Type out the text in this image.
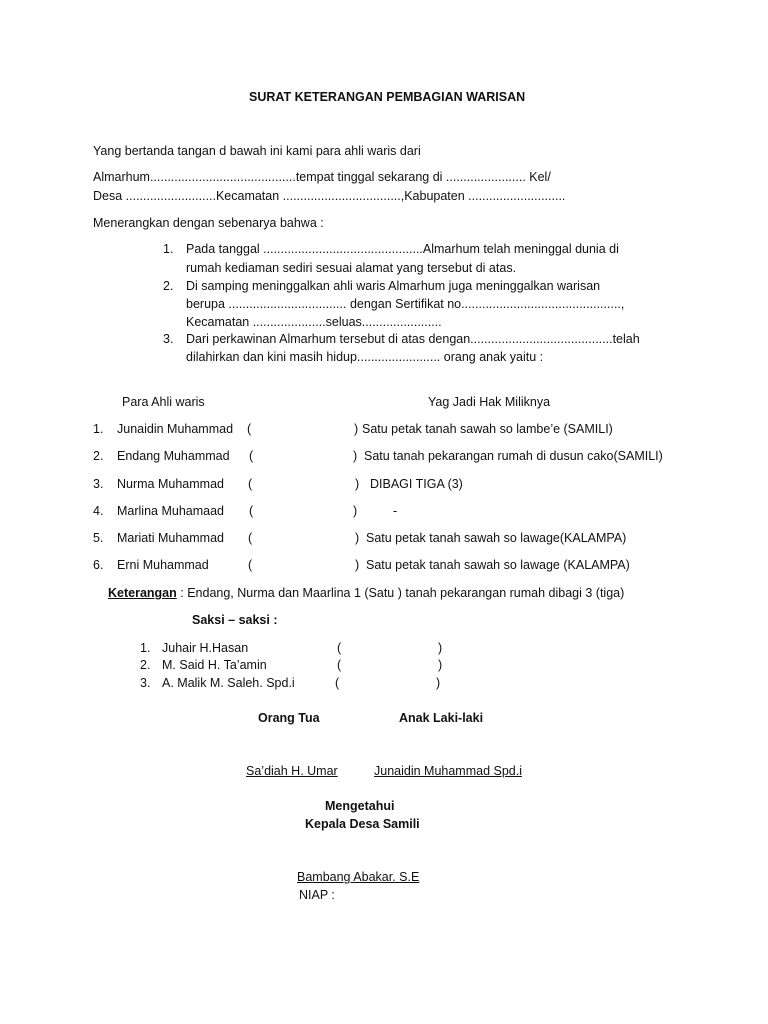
SURAT KETERANGAN PEMBAGIAN WARISAN
Yang bertanda tangan d bawah ini kami para ahli waris dari
Almarhum..........................................tempat tinggal sekarang di ....................... Kel/
Desa ..........................Kecamatan ..................................,Kabupaten ............................
Menerangkan dengan sebenarya bahwa :
1. Pada tanggal ..............................................Almarhum telah meninggal dunia di
rumah kediaman sediri sesuai alamat yang tersebut di atas.
2. Di samping meninggalkan ahli waris Almarhum juga meninggalkan warisan
berupa .................................. dengan Sertifikat no..............................................,
Kecamatan .....................seluas.......................
3. Dari perkawinan Almarhum tersebut di atas dengan.........................................telah
dilahirkan dan kini masih hidup........................ orang anak yaitu :
Para Ahli waris	Yag Jadi Hak Miliknya
1. Junaidin Muhammad (	) Satu petak tanah sawah so lambe’e (SAMILI)
2. Endang Muhammad (	) Satu tanah pekarangan rumah di dusun cako(SAMILI)
3. Nurma Muhammad (	) DIBAGI TIGA (3)
4. Marlina Muhamaad (	)	-
5. Mariati Muhammad (	) Satu petak tanah sawah so lawage(KALAMPA)
6. Erni Muhammad	(	) Satu petak tanah sawah so lawage (KALAMPA)
Keterangan : Endang, Nurma dan Maarlina 1 (Satu ) tanah pekarangan rumah dibagi 3 (tiga)
Saksi – saksi :
1. Juhair H.Hasan	(	)
2. M. Said H. Ta’amin	(	)
3. A. Malik M. Saleh. Spd.i	(	)
Orang Tua	Anak Laki-laki
Sa’diah H. Umar	Junaidin Muhammad Spd.i
Mengetahui
Kepala Desa Samili
Bambang Abakar. S.E
NIAP :
